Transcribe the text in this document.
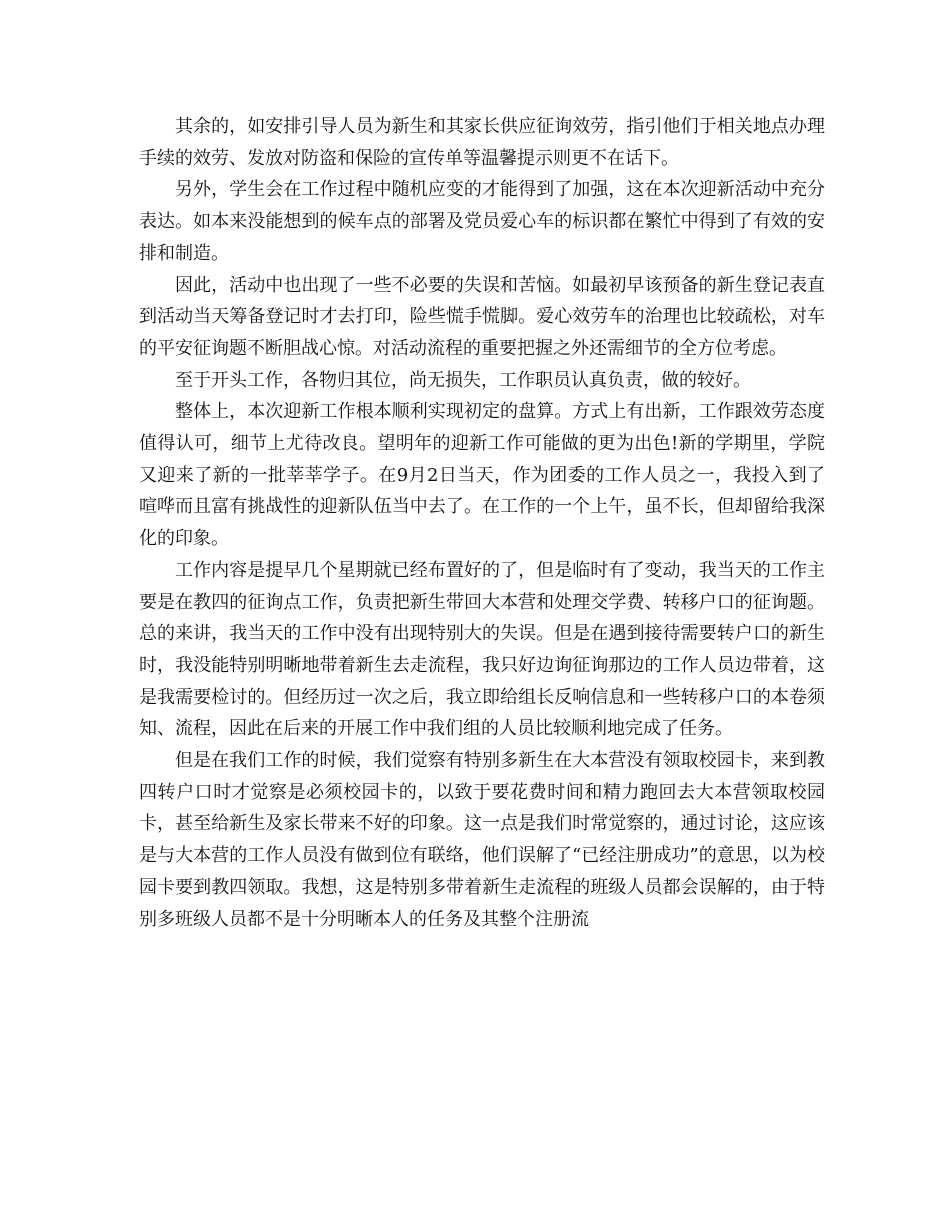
其余的，如安排引导人员为新生和其家长供应征询效劳，指引他们于相关地点办理手续的效劳、发放对防盗和保险的宣传单等温馨提示则更不在话下。

另外，学生会在工作过程中随机应变的才能得到了加强，这在本次迎新活动中充分表达。如本来没能想到的候车点的部署及党员爱心车的标识都在繁忙中得到了有效的安排和制造。

因此，活动中也出现了一些不必要的失误和苦恼。如最初早该预备的新生登记表直到活动当天筹备登记时才去打印，险些慌手慌脚。爱心效劳车的治理也比较疏松，对车的平安征询题不断胆战心惊。对活动流程的重要把握之外还需细节的全方位考虑。

至于开头工作，各物归其位，尚无损失，工作职员认真负责，做的较好。

整体上，本次迎新工作根本顺利实现初定的盘算。方式上有出新，工作跟效劳态度值得认可，细节上尤待改良。望明年的迎新工作可能做的更为出色!新的学期里，学院又迎来了新的一批莘莘学子。在9月2日当天，作为团委的工作人员之一，我投入到了喧哗而且富有挑战性的迎新队伍当中去了。在工作的一个上午，虽不长，但却留给我深化的印象。

工作内容是提早几个星期就已经布置好的了，但是临时有了变动，我当天的工作主要是在教四的征询点工作，负责把新生带回大本营和处理交学费、转移户口的征询题。总的来讲，我当天的工作中没有出现特别大的失误。但是在遇到接待需要转户口的新生时，我没能特别明晰地带着新生去走流程，我只好边询征询那边的工作人员边带着，这是我需要检讨的。但经历过一次之后，我立即给组长反响信息和一些转移户口的本卷须知、流程，因此在后来的开展工作中我们组的人员比较顺利地完成了任务。

但是在我们工作的时候，我们觉察有特别多新生在大本营没有领取校园卡，来到教四转户口时才觉察是必须校园卡的，以致于要花费时间和精力跑回去大本营领取校园卡，甚至给新生及家长带来不好的印象。这一点是我们时常觉察的，通过讨论，这应该是与大本营的工作人员没有做到位有联络，他们误解了“已经注册成功”的意思，以为校园卡要到教四领取。我想，这是特别多带着新生走流程的班级人员都会误解的，由于特别多班级人员都不是十分明晰本人的任务及其整个注册流
